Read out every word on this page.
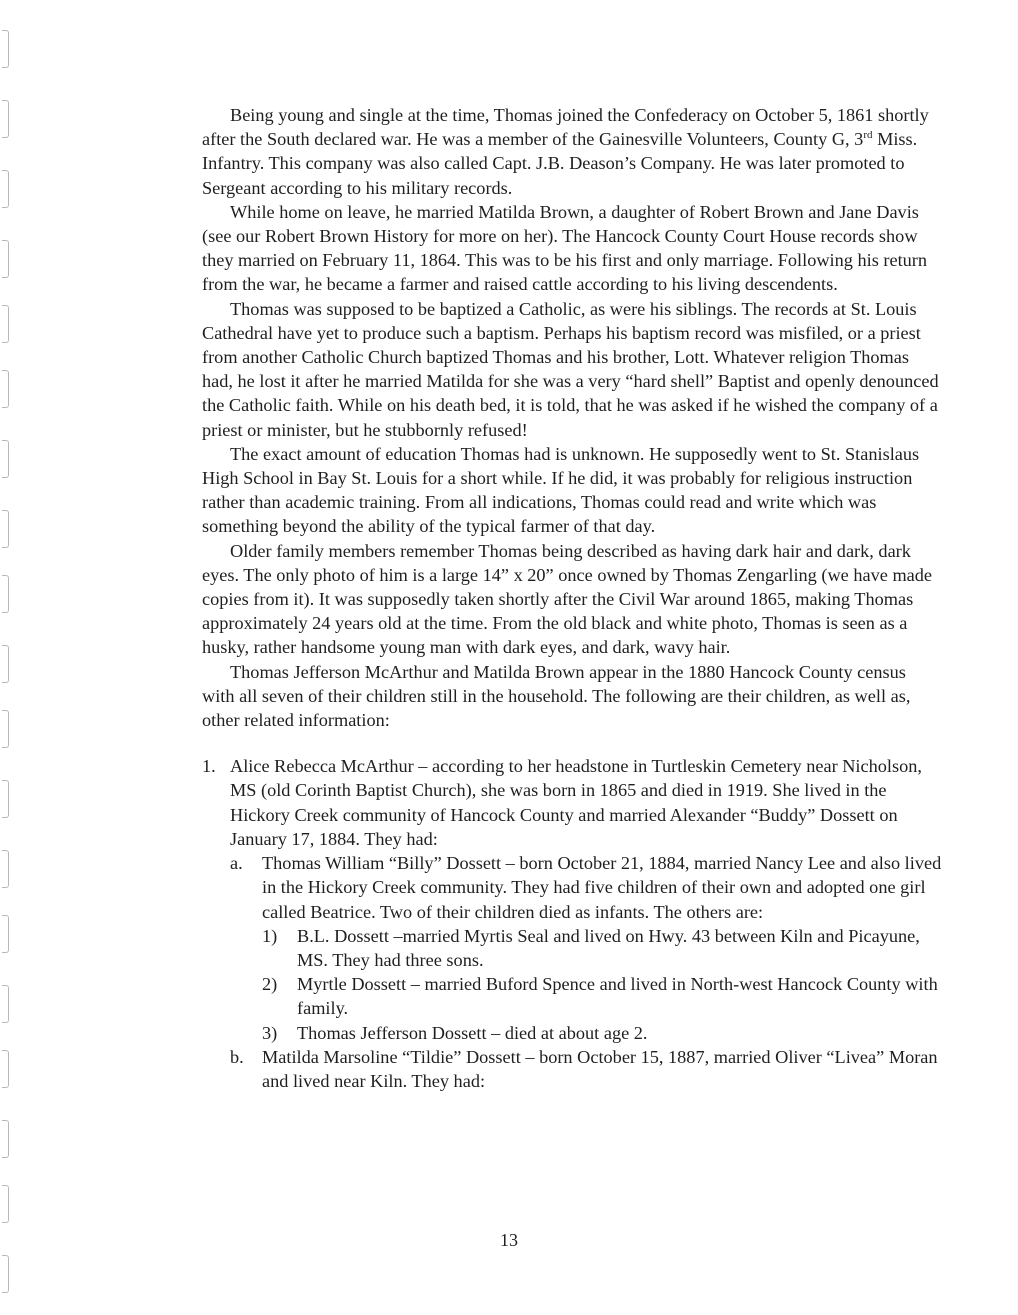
Being young and single at the time, Thomas joined the Confederacy on October 5, 1861 shortly after the South declared war. He was a member of the Gainesville Volunteers, County G, 3rd Miss. Infantry. This company was also called Capt. J.B. Deason’s Company. He was later promoted to Sergeant according to his military records.

While home on leave, he married Matilda Brown, a daughter of Robert Brown and Jane Davis (see our Robert Brown History for more on her). The Hancock County Court House records show they married on February 11, 1864. This was to be his first and only marriage. Following his return from the war, he became a farmer and raised cattle according to his living descendents.

Thomas was supposed to be baptized a Catholic, as were his siblings. The records at St. Louis Cathedral have yet to produce such a baptism. Perhaps his baptism record was misfiled, or a priest from another Catholic Church baptized Thomas and his brother, Lott. Whatever religion Thomas had, he lost it after he married Matilda for she was a very “hard shell” Baptist and openly denounced the Catholic faith. While on his death bed, it is told, that he was asked if he wished the company of a priest or minister, but he stubbornly refused!

The exact amount of education Thomas had is unknown. He supposedly went to St. Stanislaus High School in Bay St. Louis for a short while. If he did, it was probably for religious instruction rather than academic training. From all indications, Thomas could read and write which was something beyond the ability of the typical farmer of that day.

Older family members remember Thomas being described as having dark hair and dark, dark eyes. The only photo of him is a large 14” x 20” once owned by Thomas Zengarling (we have made copies from it). It was supposedly taken shortly after the Civil War around 1865, making Thomas approximately 24 years old at the time. From the old black and white photo, Thomas is seen as a husky, rather handsome young man with dark eyes, and dark, wavy hair.

Thomas Jefferson McArthur and Matilda Brown appear in the 1880 Hancock County census with all seven of their children still in the household. The following are their children, as well as, other related information:

1. Alice Rebecca McArthur – according to her headstone in Turtleskin Cemetery near Nicholson, MS (old Corinth Baptist Church), she was born in 1865 and died in 1919. She lived in the Hickory Creek community of Hancock County and married Alexander “Buddy” Dossett on January 17, 1884. They had:
a. Thomas William “Billy” Dossett – born October 21, 1884, married Nancy Lee and also lived in the Hickory Creek community. They had five children of their own and adopted one girl called Beatrice. Two of their children died as infants. The others are:
1) B.L. Dossett –married Myrtis Seal and lived on Hwy. 43 between Kiln and Picayune, MS. They had three sons.
2) Myrtle Dossett – married Buford Spence and lived in North-west Hancock County with family.
3) Thomas Jefferson Dossett – died at about age 2.
b. Matilda Marsoline “Tildie” Dossett – born October 15, 1887, married Oliver “Livea” Moran and lived near Kiln. They had:
13
